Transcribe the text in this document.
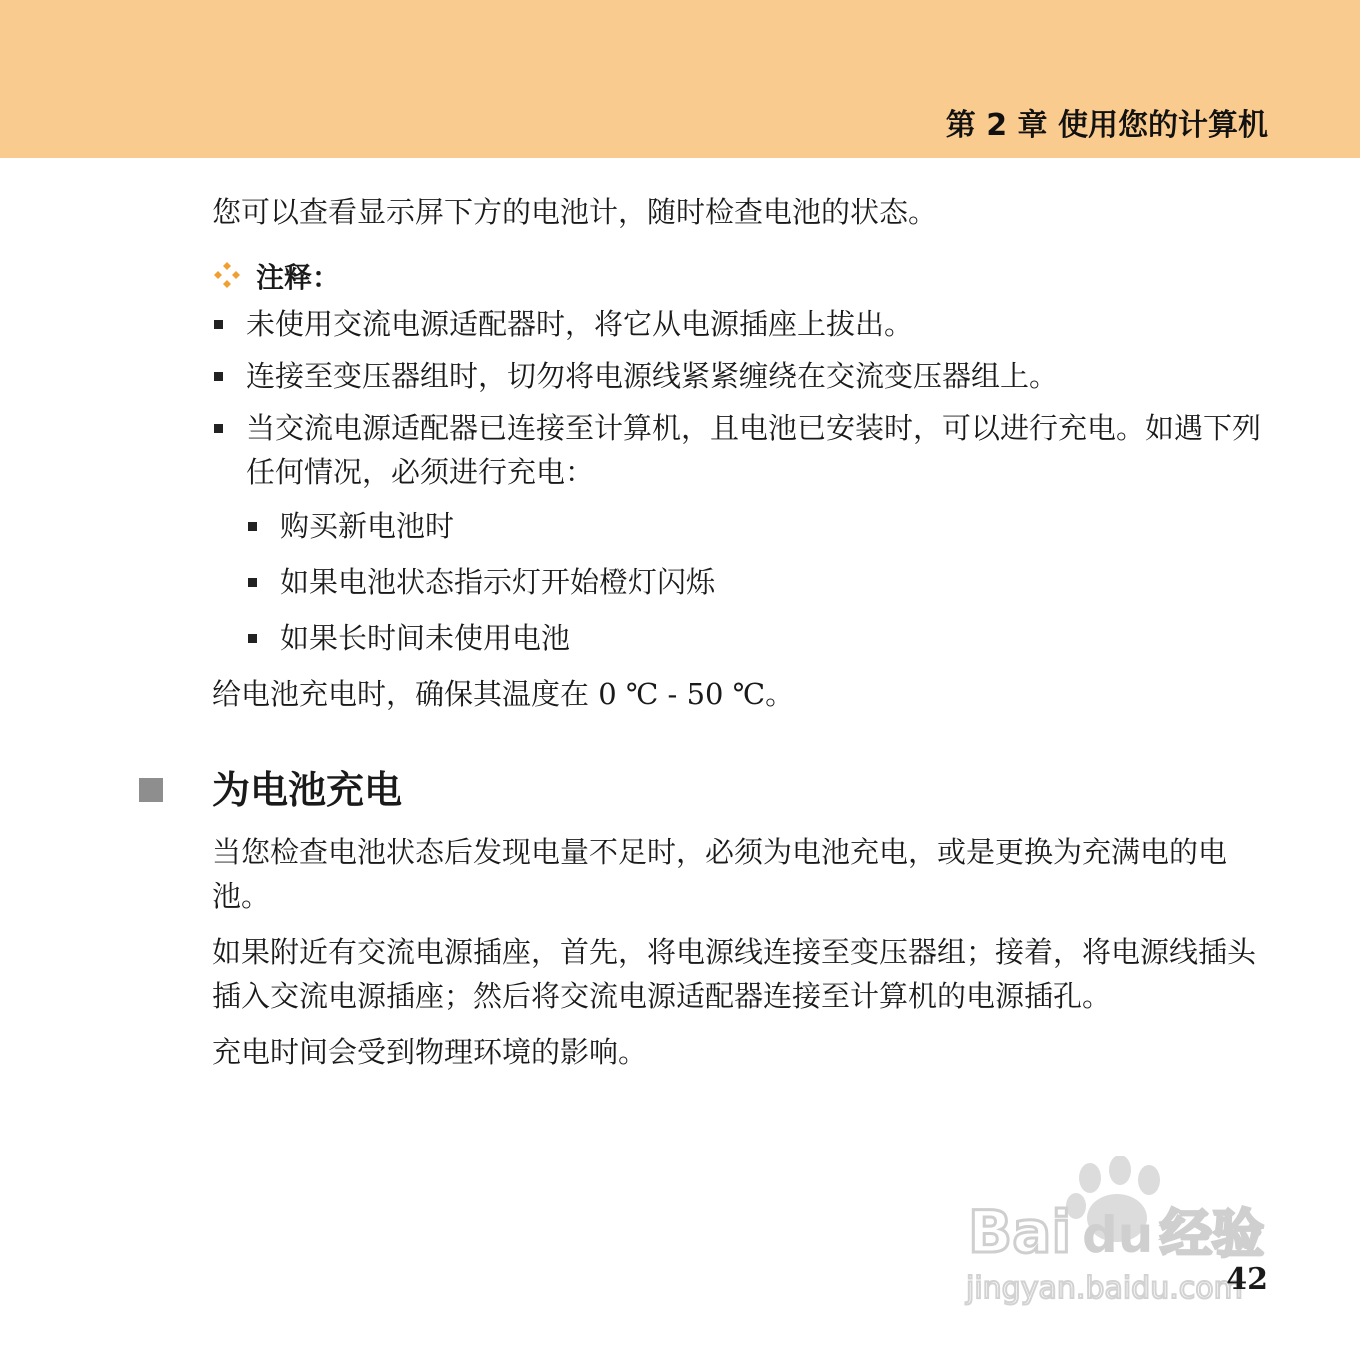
第 2 章 使用您的计算机

您可以查看显示屏下方的电池计，随时检查电池的状态。

注释：
未使用交流电源适配器时，将它从电源插座上拔出。
连接至变压器组时，切勿将电源线紧紧缠绕在交流变压器组上。
当交流电源适配器已连接至计算机，且电池已安装时，可以进行充电。如遇下列任何情况，必须进行充电：
购买新电池时
如果电池状态指示灯开始橙灯闪烁
如果长时间未使用电池

给电池充电时，确保其温度在 0 ℃ - 50 ℃。

为电池充电

当您检查电池状态后发现电量不足时，必须为电池充电，或是更换为充满电的电池。

如果附近有交流电源插座，首先，将电源线连接至变压器组；接着，将电源线插头插入交流电源插座；然后将交流电源适配器连接至计算机的电源插孔。

充电时间会受到物理环境的影响。

Bai du 经验
jingyan.baidu.com
42
